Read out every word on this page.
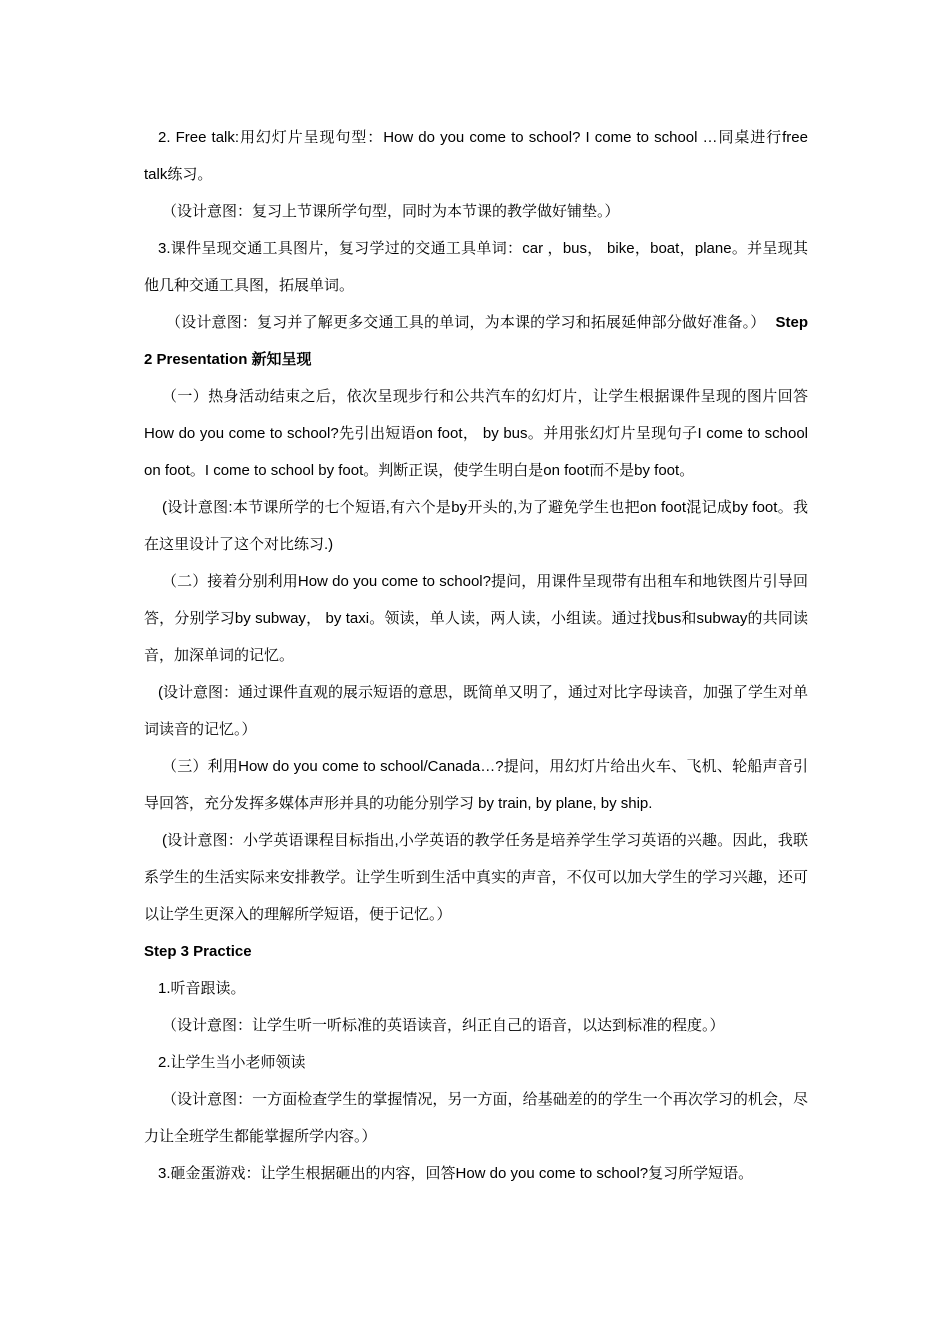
2. Free talk:用幻灯片呈现句型：How do you come to school? I come to school …同桌进行free talk练习。

（设计意图：复习上节课所学句型，同时为本节课的教学做好铺垫。）

3.课件呈现交通工具图片，复习学过的交通工具单词：car ，bus， bike，boat，plane。并呈现其他几种交通工具图，拓展单词。

（设计意图：复习并了解更多交通工具的单词，为本课的学习和拓展延伸部分做好准备。） Step 2 Presentation 新知呈现

（一）热身活动结束之后，依次呈现步行和公共汽车的幻灯片，让学生根据课件呈现的图片回答How do you come to school?先引出短语on foot， by bus。并用张幻灯片呈现句子I come to school on foot。I come to school by foot。判断正误，使学生明白是on foot而不是by foot。

(设计意图:本节课所学的七个短语,有六个是by开头的,为了避免学生也把on foot混记成by foot。我在这里设计了这个对比练习.)

（二）接着分别利用How do you come to school?提问，用课件呈现带有出租车和地铁图片引导回答，分别学习by subway， by taxi。领读，单人读，两人读，小组读。通过找bus和subway的共同读音，加深单词的记忆。

(设计意图：通过课件直观的展示短语的意思，既简单又明了，通过对比字母读音，加强了学生对单词读音的记忆。）

（三）利用How do you come to school/Canada…?提问，用幻灯片给出火车、飞机、轮船声音引导回答，充分发挥多媒体声形并具的功能分别学习 by train, by plane, by ship.

(设计意图：小学英语课程目标指出,小学英语的教学任务是培养学生学习英语的兴趣。因此，我联系学生的生活实际来安排教学。让学生听到生活中真实的声音，不仅可以加大学生的学习兴趣，还可以让学生更深入的理解所学短语，便于记忆。）

Step 3 Practice

1.听音跟读。

（设计意图：让学生听一听标准的英语读音，纠正自己的语音，以达到标准的程度。）

2.让学生当小老师领读

（设计意图：一方面检查学生的掌握情况，另一方面，给基础差的的学生一个再次学习的机会，尽力让全班学生都能掌握所学内容。）

3.砸金蛋游戏：让学生根据砸出的内容，回答How do you come to school?复习所学短语。
